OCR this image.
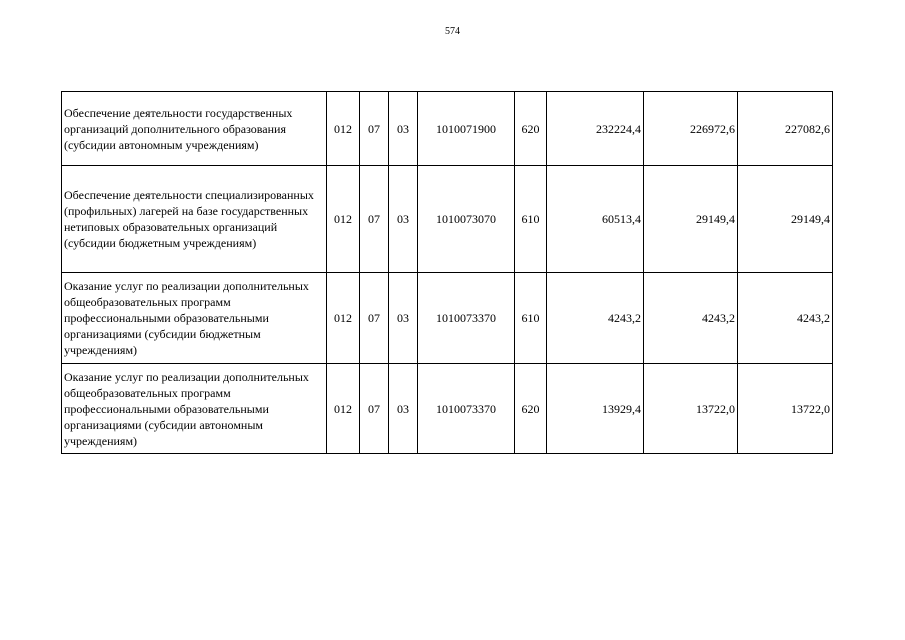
574
Обеспечение деятельности государственных организаций дополнительного образования (субсидии автономным учреждениям)	012	07	03	1010071900	620	232224,4	226972,6	227082,6
Обеспечение деятельности специализированных (профильных) лагерей на базе государственных нетиповых образовательных организаций (субсидии бюджетным учреждениям)	012	07	03	1010073070	610	60513,4	29149,4	29149,4
Оказание услуг по реализации дополнительных общеобразовательных программ профессиональными образовательными организациями (субсидии бюджетным учреждениям)	012	07	03	1010073370	610	4243,2	4243,2	4243,2
Оказание услуг по реализации дополнительных общеобразовательных программ профессиональными образовательными организациями (субсидии автономным учреждениям)	012	07	03	1010073370	620	13929,4	13722,0	13722,0
